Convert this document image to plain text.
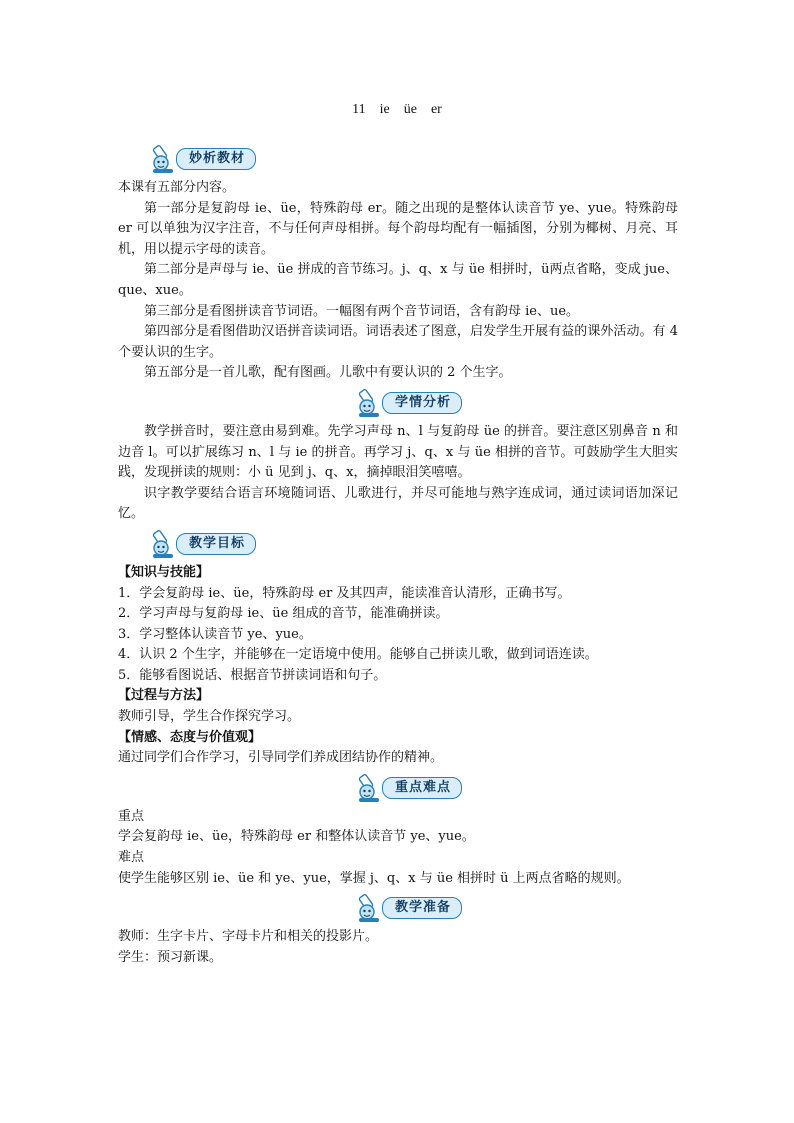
11　ie　üe　er
妙析教材

本课有五部分内容。

第一部分是复韵母 ie、üe，特殊韵母 er。随之出现的是整体认读音节 ye、yue。特殊韵母 er 可以单独为汉字注音，不与任何声母相拼。每个韵母均配有一幅插图，分别为椰树、月亮、耳机，用以提示字母的读音。

第二部分是声母与 ie、üe 拼成的音节练习。j、q、x 与 üe 相拼时，ü两点省略，变成 jue、que、xue。

第三部分是看图拼读音节词语。一幅图有两个音节词语，含有韵母 ie、ue。

第四部分是看图借助汉语拼音读词语。词语表述了图意，启发学生开展有益的课外活动。有 4 个要认识的生字。

第五部分是一首儿歌，配有图画。儿歌中有要认识的 2 个生字。

学情分析

教学拼音时，要注意由易到难。先学习声母 n、l 与复韵母 üe 的拼音。要注意区别鼻音 n 和边音 l。可以扩展练习 n、l 与 ie 的拼音。再学习 j、q、x 与 üe 相拼的音节。可鼓励学生大胆实践，发现拼读的规则：小 ü 见到 j、q、x，摘掉眼泪笑嘻嘻。

识字教学要结合语言环境随词语、儿歌进行，并尽可能地与熟字连成词，通过读词语加深记忆。

教学目标

【知识与技能】

1．学会复韵母 ie、üe，特殊韵母 er 及其四声，能读准音认清形，正确书写。

2．学习声母与复韵母 ie、üe 组成的音节，能准确拼读。

3．学习整体认读音节 ye、yue。

4．认识 2 个生字，并能够在一定语境中使用。能够自己拼读儿歌，做到词语连读。

5．能够看图说话、根据音节拼读词语和句子。

【过程与方法】

教师引导，学生合作探究学习。

【情感、态度与价值观】

通过同学们合作学习，引导同学们养成团结协作的精神。

重点难点

重点

学会复韵母 ie、üe，特殊韵母 er 和整体认读音节 ye、yue。

难点

使学生能够区别 ie、üe 和 ye、yue，掌握 j、q、x 与 üe 相拼时 ü 上两点省略的规则。

教学准备

教师：生字卡片、字母卡片和相关的投影片。

学生：预习新课。
